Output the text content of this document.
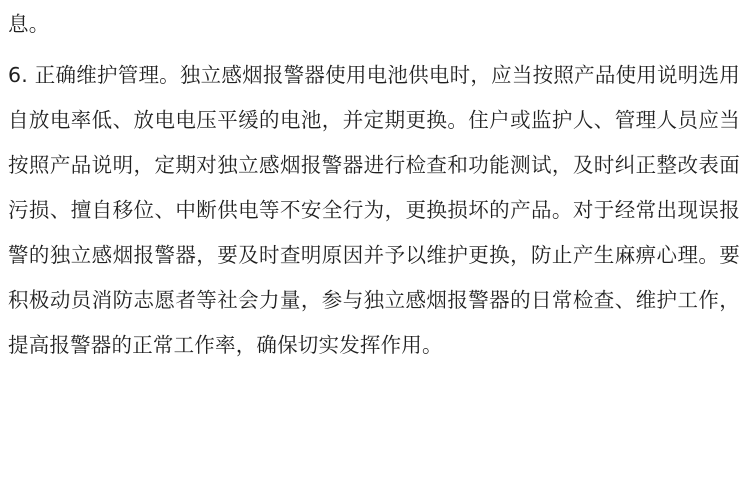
息。

6. 正确维护管理。独立感烟报警器使用电池供电时，应当按照产品使用说明选用自放电率低、放电电压平缓的电池，并定期更换。住户或监护人、管理人员应当按照产品说明，定期对独立感烟报警器进行检查和功能测试，及时纠正整改表面污损、擅自移位、中断供电等不安全行为，更换损坏的产品。对于经常出现误报警的独立感烟报警器，要及时查明原因并予以维护更换，防止产生麻痹心理。要积极动员消防志愿者等社会力量，参与独立感烟报警器的日常检查、维护工作，提高报警器的正常工作率，确保切实发挥作用。
